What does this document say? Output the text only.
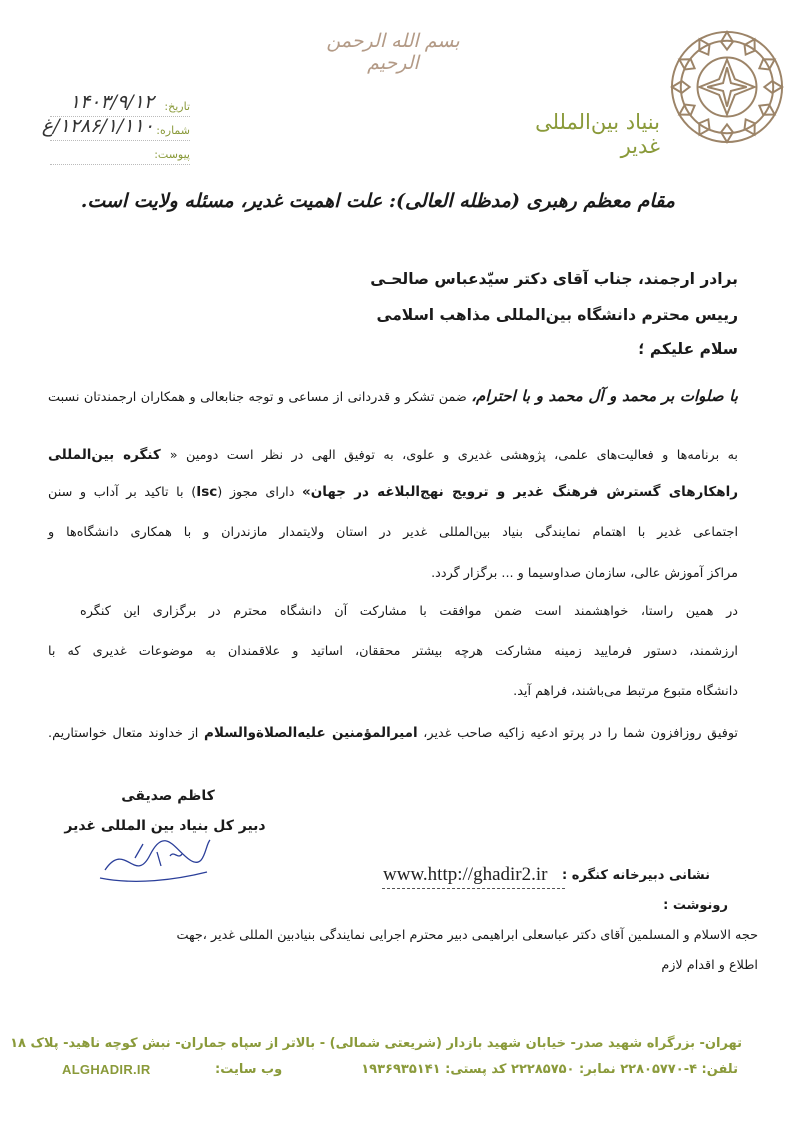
بسم الله الرحمن الرحیم
بنیاد بین‌المللی غدیر
تاریخ:
۱۴۰۳/۹/۱۲
شماره:
۱۲۸۶/۱/۱۱۰/غ
پیوست:
مقام معظم رهبری (مدظله العالی): علت اهمیت غدیر، مسئله ولایت است.
برادر ارجمند، جناب آقای دکتر سیّدعباس صالحـی
رییس محترم دانشگاه بین‌المللی مذاهب اسلامی
سلام علیکم ؛
با صلوات بر محمد و آل محمد و با احترام، ضمن تشکر و قدردانی از مساعی و توجه جنابعالی و همکاران ارجمندتان نسبت
به برنامه‌ها و فعالیت‌های علمی، پژوهشی غدیری و علوی، به توفیق الهی در نظر است دومین « کنگره بین‌المللی
راهکارهای گسترش فرهنگ غدیر و ترویج نهج‌البلاغه در جهان» دارای مجوز (Isc) با تاکید بر آداب و سنن
اجتماعی غدیر با اهتمام نمایندگی بنیاد بین‌المللی غدیر در استان ولایتمدار مازندران و با همکاری دانشگاه‌ها و
مراکز آموزش عالی، سازمان صداوسیما و ... برگزار گردد.
در همین راستا، خواهشمند است ضمن موافقت با مشارکت آن دانشگاه محترم در برگزاری این کنگره
ارزشمند، دستور فرمایید زمینه مشارکت هرچه بیشتر محققان، اساتید و علاقمندان به موضوعات غدیری که با
دانشگاه متبوع مرتبط می‌باشند، فراهم آید.
توفیق روزافزون شما را در پرتو ادعیه زاکیه صاحب غدیر، امیرالمؤمنین علیه‌الصلاة‌والسلام از خداوند متعال خواستاریم.
کاظم صدیقی
دبیر کل بنیاد بین المللی غدیر
نشانی دبیرخانه کنگره :
www.http://ghadir2.ir
رونوشت :
حجه الاسلام و المسلمین آقای دکتر عباسعلی ابراهیمی دبیر محترم اجرایی نمایندگی بنیادبین المللی غدیر ،جهت
اطلاع و اقدام لازم
تهران- بزرگراه شهید صدر- خیابان شهید بازدار (شریعتی شمالی) - بالاتر از سپاه جماران- نبش کوچه ناهید- پلاک ۱۸
تلفن: ۴-۲۲۸۰۵۷۷۰ نمابر: ۲۲۲۸۵۷۵۰ کد پستی: ۱۹۳۶۹۳۵۱۴۱
وب سایت:
ALGHADIR.IR
